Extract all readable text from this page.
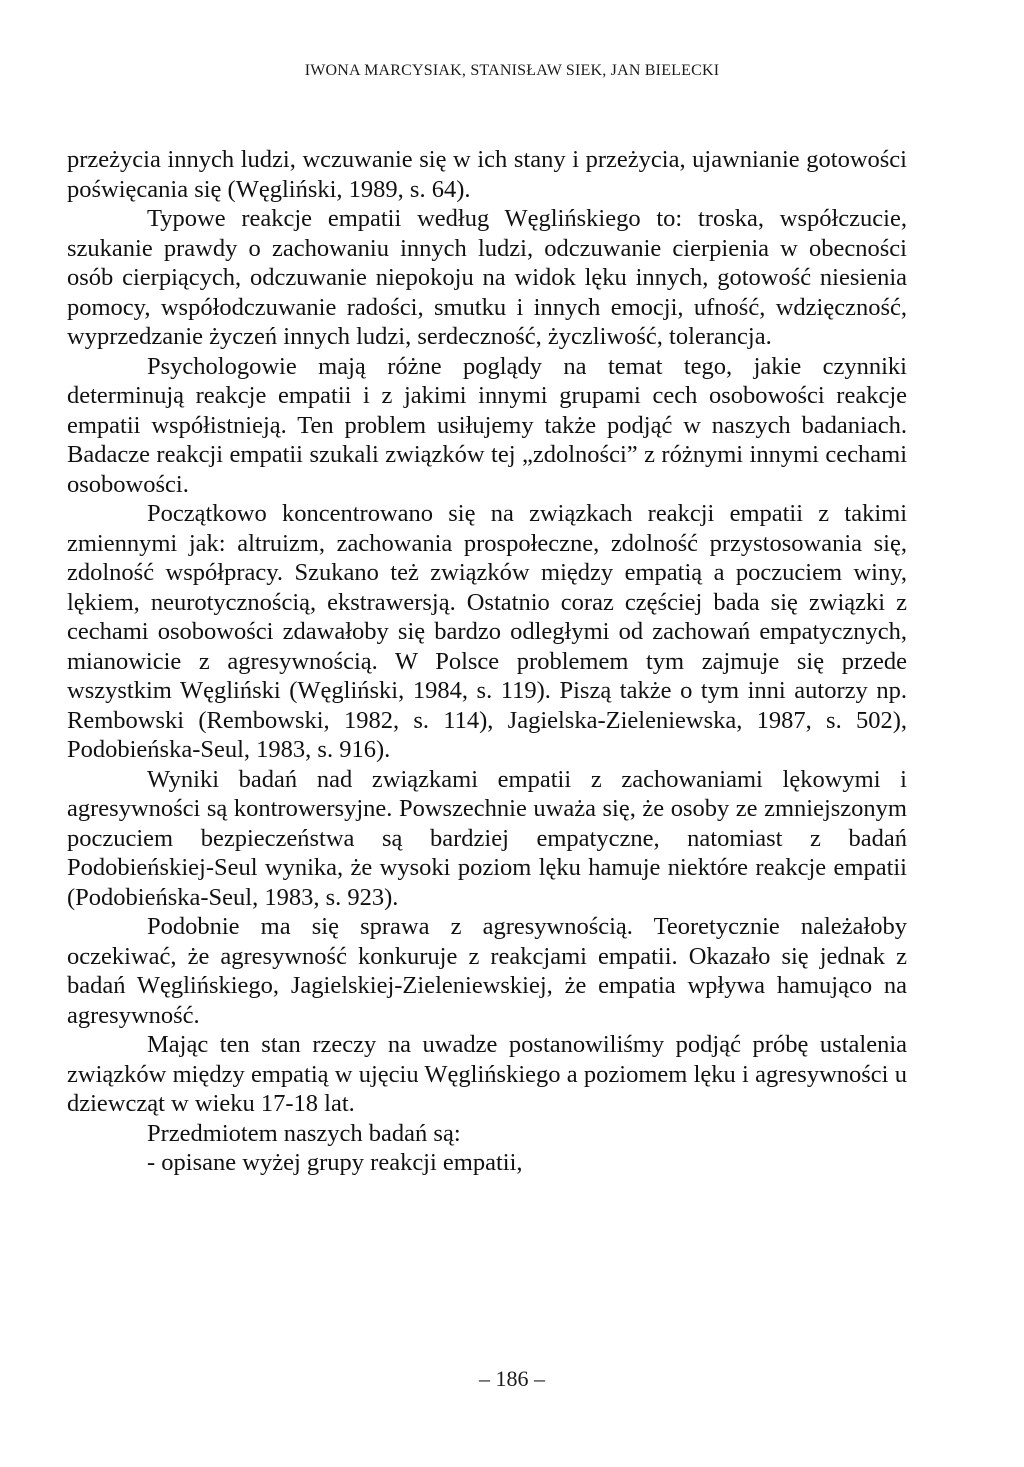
IWONA MARCYSIAK, STANISŁAW SIEK, JAN BIELECKI

przeżycia innych ludzi, wczuwanie się w ich stany i przeżycia, ujawnianie gotowości poświęcania się (Węgliński, 1989, s. 64).

Typowe reakcje empatii według Węglińskiego to: troska, współczucie, szukanie prawdy o zachowaniu innych ludzi, odczuwanie cierpienia w obecności osób cierpiących, odczuwanie niepokoju na widok lęku innych, gotowość niesienia pomocy, współodczuwanie radości, smutku i innych emocji, ufność, wdzięczność, wyprzedzanie życzeń innych ludzi, serdeczność, życzliwość, tolerancja.

Psychologowie mają różne poglądy na temat tego, jakie czynniki determinują reakcje empatii i z jakimi innymi grupami cech osobowości reakcje empatii współistnieją. Ten problem usiłujemy także podjąć w naszych badaniach. Badacze reakcji empatii szukali związków tej „zdolności” z różnymi innymi cechami osobowości.

Początkowo koncentrowano się na związkach reakcji empatii z takimi zmiennymi jak: altruizm, zachowania prospołeczne, zdolność przystosowania się, zdolność współpracy. Szukano też związków między empatią a poczuciem winy, lękiem, neurotycznością, ekstrawersją. Ostatnio coraz częściej bada się związki z cechami osobowości zdawałoby się bardzo odległymi od zachowań empatycznych, mianowicie z agresywnością. W Polsce problemem tym zajmuje się przede wszystkim Węgliński (Węgliński, 1984, s. 119). Piszą także o tym inni autorzy np. Rembowski (Rembowski, 1982, s. 114), Jagielska-Zieleniewska, 1987, s. 502), Podobieńska-Seul, 1983, s. 916).

Wyniki badań nad związkami empatii z zachowaniami lękowymi i agresywności są kontrowersyjne. Powszechnie uważa się, że osoby ze zmniejszonym poczuciem bezpieczeństwa są bardziej empatyczne, natomiast z badań Podobieńskiej-Seul wynika, że wysoki poziom lęku hamuje niektóre reakcje empatii (Podobieńska-Seul, 1983, s. 923).

Podobnie ma się sprawa z agresywnością. Teoretycznie należałoby oczekiwać, że agresywność konkuruje z reakcjami empatii. Okazało się jednak z badań Węglińskiego, Jagielskiej-Zieleniewskiej, że empatia wpływa hamująco na agresywność.

Mając ten stan rzeczy na uwadze postanowiliśmy podjąć próbę ustalenia związków między empatią w ujęciu Węglińskiego a poziomem lęku i agresywności u dziewcząt w wieku 17-18 lat.

Przedmiotem naszych badań są:

- opisane wyżej grupy reakcji empatii,

– 186 –
